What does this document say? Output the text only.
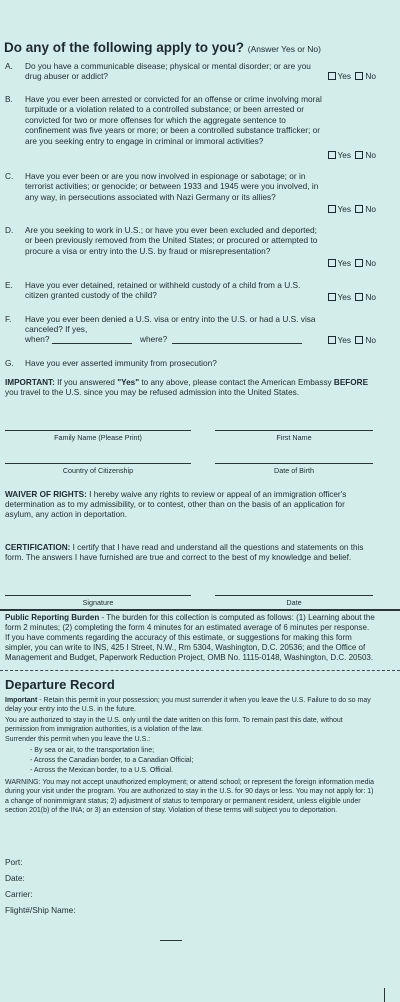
Do any of the following apply to you? (Answer Yes or No)
A. Do you have a communicable disease; physical or mental disorder; or are you drug abuser or addict?	Yes No
B. Have you ever been arrested or convicted for an offense or crime involving moral turpitude or a violation related to a controlled substance; or been arrested or convicted for two or more offenses for which the aggregate sentence to confinement was five years or more; or been a controlled substance trafficker; or are you seeking entry to engage in criminal or immoral activities?
Yes No
C. Have you ever been or are you now involved in espionage or sabotage; or in terrorist activities; or genocide; or between 1933 and 1945 were you involved, in any way, in persecutions associated with Nazi Germany or its allies?
Yes No
D. Are you seeking to work in U.S.; or have you ever been excluded and deported; or been previously removed from the United States; or procured or attempted to procure a visa or entry into the U.S. by fraud or misrepresentation?
Yes No
E. Have you ever detained, retained or withheld custody of a child from a U.S. citizen granted custody of the child?	Yes No
F. Have you ever been denied a U.S. visa or entry into the U.S. or had a U.S. visa canceled? If yes,
when?	where?	Yes No
G. Have you ever asserted immunity from prosecution?
IMPORTANT: If you answered "Yes" to any above, please contact the American Embassy BEFORE you travel to the U.S. since you may be refused admission into the United States.
Family Name (Please Print)	First Name
Country of Citizenship	Date of Birth
WAIVER OF RIGHTS: I hereby waive any rights to review or appeal of an immigration officer's determination as to my admissibility, or to contest, other than on the basis of an application for asylum, any action in deportation.
CERTIFICATION: I certify that I have read and understand all the questions and statements on this form. The answers I have furnished are true and correct to the best of my knowledge and belief.
Signature	Date
Public Reporting Burden - The burden for this collection is computed as follows: (1) Learning about the form 2 minutes; (2) completing the form 4 minutes for an estimated average of 6 minutes per response. If you have comments regarding the accuracy of this estimate, or suggestions for making this form simpler, you can write to INS, 425 I Street, N.W., Rm 5304, Washington, D.C. 20536; and the Office of Management and Budget, Paperwork Reduction Project, OMB No. 1115-0148, Washington, D.C. 20503.
Departure Record
Important - Retain this permit in your possession; you must surrender it when you leave the U.S. Failure to do so may delay your entry into the U.S. in the future.
You are authorized to stay in the U.S. only until the date written on this form. To remain past this date, without permission from immigration authorities, is a violation of the law.
Surrender this permit when you leave the U.S.:
- By sea or air, to the transportation line;
- Across the Canadian border, to a Canadian Official;
- Across the Mexican border, to a U.S. Official.
WARNING: You may not accept unauthorized employment; or attend school; or represent the foreign information media during your visit under the program. You are authorized to stay in the U.S. for 90 days or less. You may not apply for: 1) a change of nonimmigrant status; 2) adjustment of status to temporary or permanent resident, unless eligible under section 201(b) of the INA; or 3) an extension of stay. Violation of these terms will subject you to deportation.
Port:
Date:
Carrier:
Flight#/Ship Name:
